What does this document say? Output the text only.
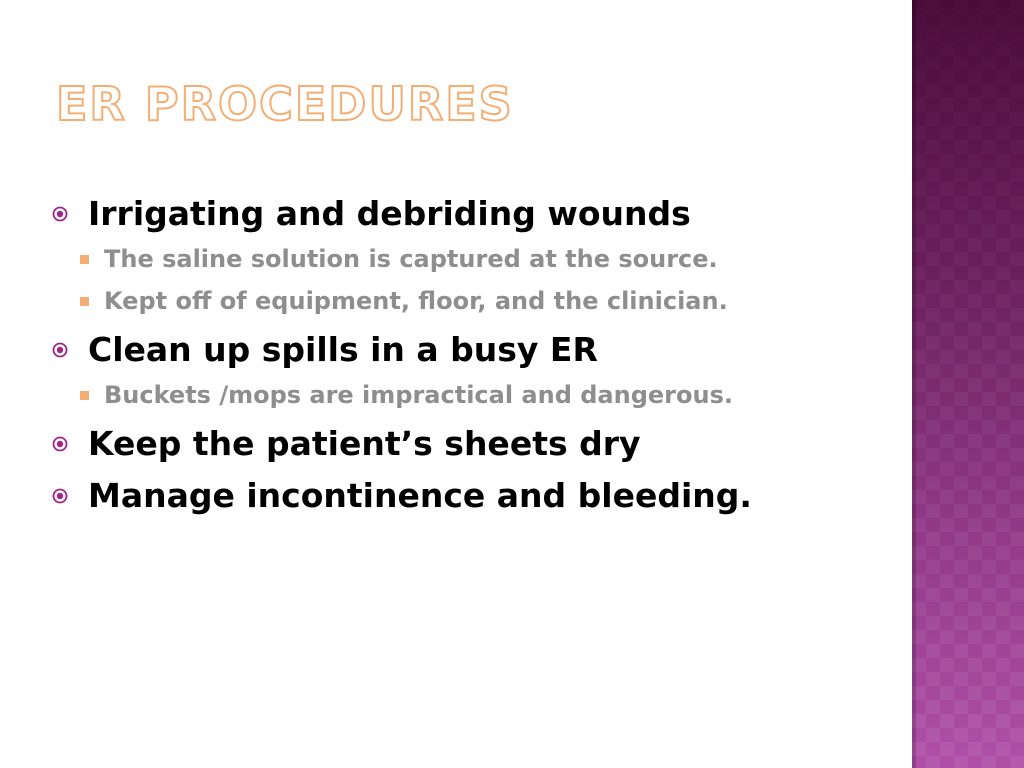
ER PROCEDURES
Irrigating and debriding wounds
The saline solution is captured at the source.
Kept off of equipment, floor, and the clinician.
Clean up spills in a busy ER
Buckets /mops are impractical and dangerous.
Keep the patient’s sheets dry
Manage incontinence and bleeding.
